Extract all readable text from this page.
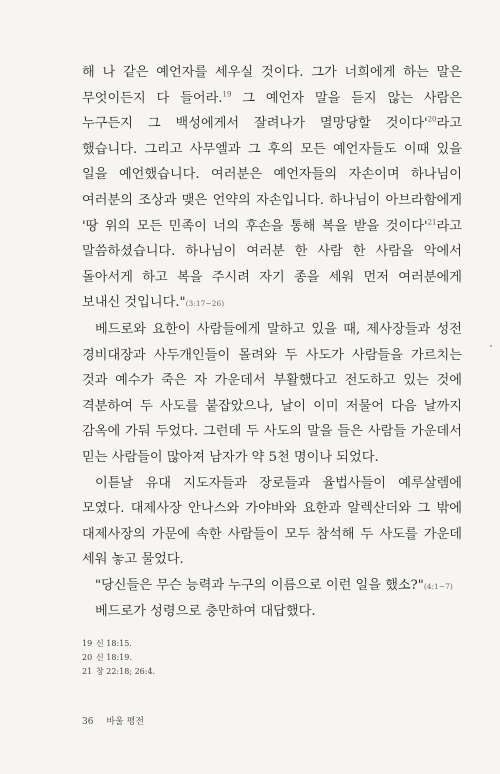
해 나 같은 예언자를 세우실 것이다. 그가 너희에게 하는 말은 무엇이든지 다 들어라.$^{19}$ 그 예언자 말을 듣지 않는 사람은 누구든지 그 백성에게서 잘려나가 멸망당할 것이다'$^{20}$라고 했습니다. 그리고 사무엘과 그 후의 모든 예언자들도 이때 있을 일을 예언했습니다. 여러분은 예언자들의 자손이며 하나님이 여러분의 조상과 맺은 언약의 자손입니다. 하나님이 아브라함에게 '땅 위의 모든 민족이 너의 후손을 통해 복을 받을 것이다'$^{21}$라고 말씀하셨습니다. 하나님이 여러분 한 사람 한 사람을 악에서 돌아서게 하고 복을 주시려 자기 종을 세워 먼저 여러분에게 보내신 것입니다."(3:17~26)

베드로와 요한이 사람들에게 말하고 있을 때, 제사장들과 성전 경비대장과 사두개인들이 몰려와 두 사도가 사람들을 가르치는 것과 예수가 죽은 자 가운데서 부활했다고 전도하고 있는 것에 격분하여 두 사도를 붙잡았으나, 날이 이미 저물어 다음 날까지 감옥에 가둬 두었다. 그런데 두 사도의 말을 들은 사람들 가운데서 믿는 사람들이 많아져 남자가 약 5천 명이나 되었다.

이튿날 유대 지도자들과 장로들과 율법사들이 예루살렘에 모였다. 대제사장 안나스와 가야바와 요한과 알렉산더와 그 밖에 대제사장의 가문에 속한 사람들이 모두 참석해 두 사도를 가운데 세워 놓고 물었다.

"당신들은 무슨 능력과 누구의 이름으로 이런 일을 했소?"(4:1~7)

베드로가 성령으로 충만하여 대답했다.

19 신 18:15.
20 신 18:19.
21 창 22:18; 26:4.
36 바울 평전
